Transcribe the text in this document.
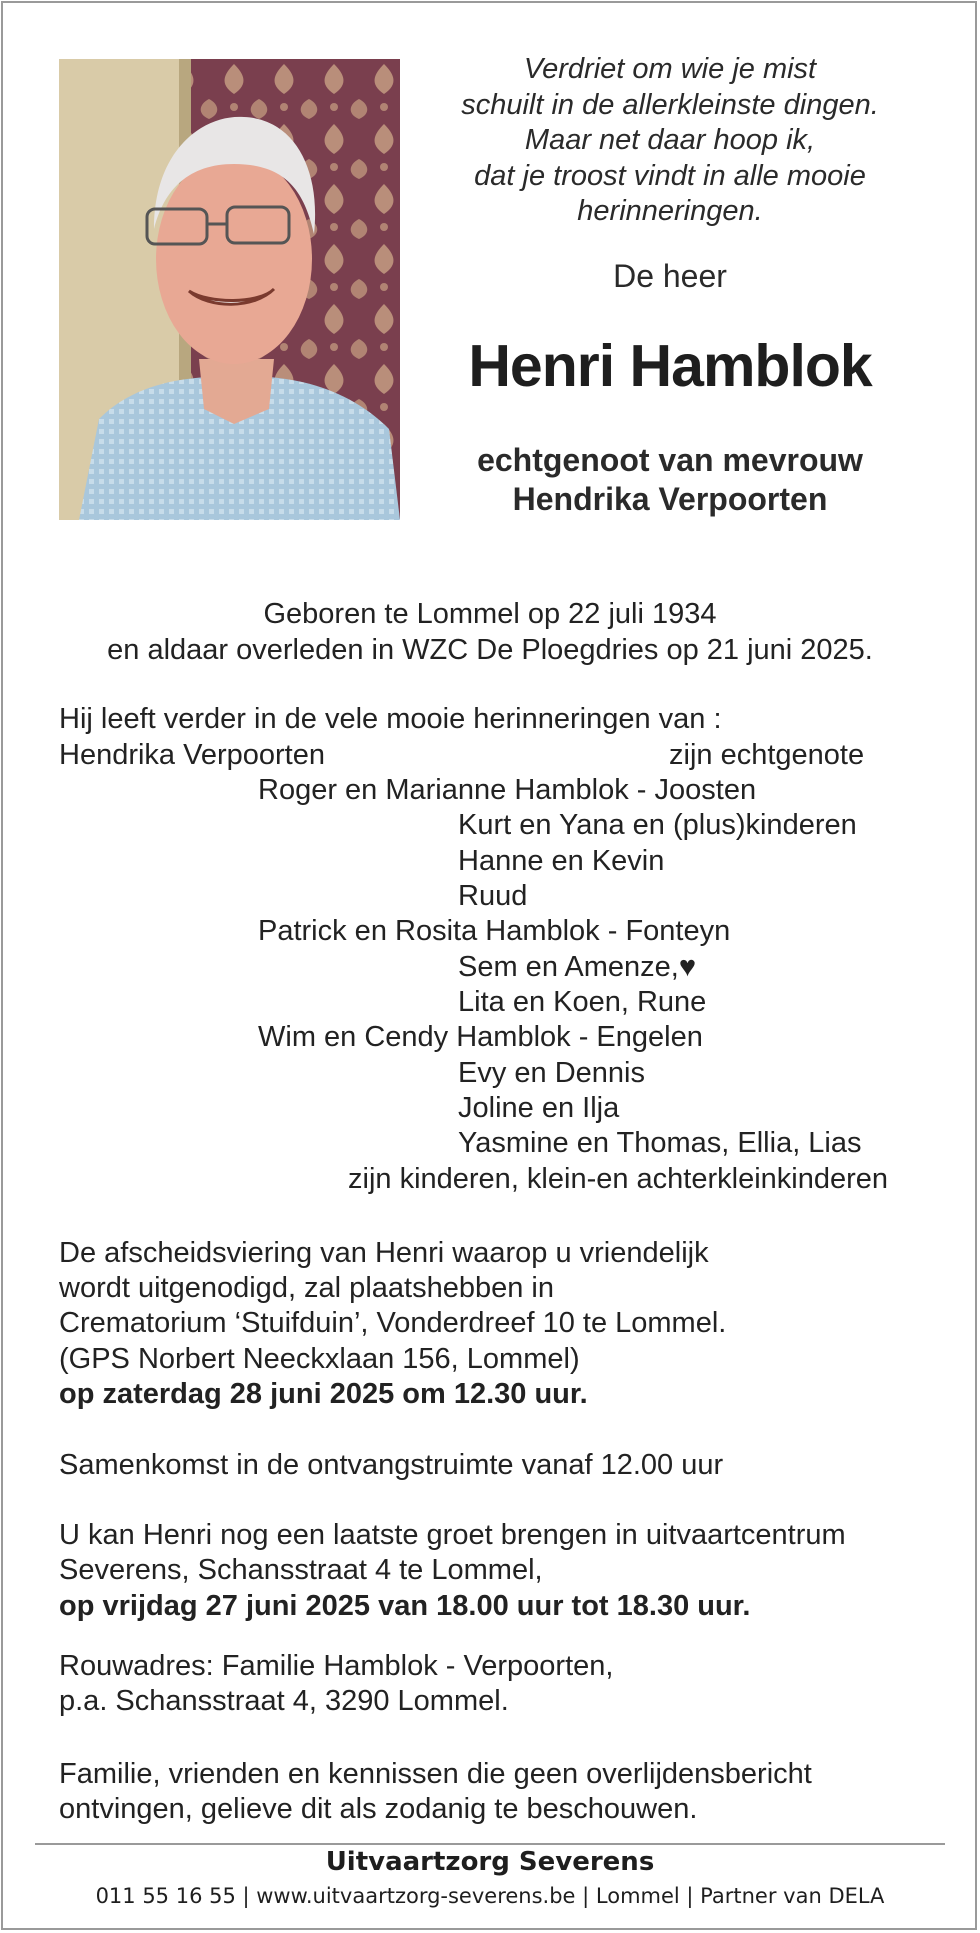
Verdriet om wie je mist
schuilt in de allerkleinste dingen.
Maar net daar hoop ik,
dat je troost vindt in alle mooie
herinneringen.
De heer
Henri Hamblok
echtgenoot van mevrouw
Hendrika Verpoorten
Geboren te Lommel op 22 juli 1934
en aldaar overleden in WZC De Ploegdries op 21 juni 2025.
Hij leeft verder in de vele mooie herinneringen van :
Hendrika Verpoorten	zijn echtgenote
Roger en Marianne Hamblok - Joosten
Kurt en Yana en (plus)kinderen
Hanne en Kevin
Ruud
Patrick en Rosita Hamblok - Fonteyn
Sem en Amenze,♥
Lita en Koen, Rune
Wim en Cendy Hamblok - Engelen
Evy en Dennis
Joline en Ilja
Yasmine en Thomas, Ellia, Lias
zijn kinderen, klein-en achterkleinkinderen
De afscheidsviering van Henri waarop u vriendelijk
wordt uitgenodigd, zal plaatshebben in
Crematorium ‘Stuifduin’, Vonderdreef 10 te Lommel.
(GPS Norbert Neeckxlaan 156, Lommel)
op zaterdag 28 juni 2025 om 12.30 uur.
Samenkomst in de ontvangstruimte vanaf 12.00 uur
U kan Henri nog een laatste groet brengen in uitvaartcentrum
Severens, Schansstraat 4 te Lommel,
op vrijdag 27 juni 2025 van 18.00 uur tot 18.30 uur.
Rouwadres: Familie Hamblok - Verpoorten,
p.a. Schansstraat 4, 3290 Lommel.
Familie, vrienden en kennissen die geen overlijdensbericht
ontvingen, gelieve dit als zodanig te beschouwen.
Uitvaartzorg Severens
011 55 16 55 | www.uitvaartzorg-severens.be | Lommel | Partner van DELA
